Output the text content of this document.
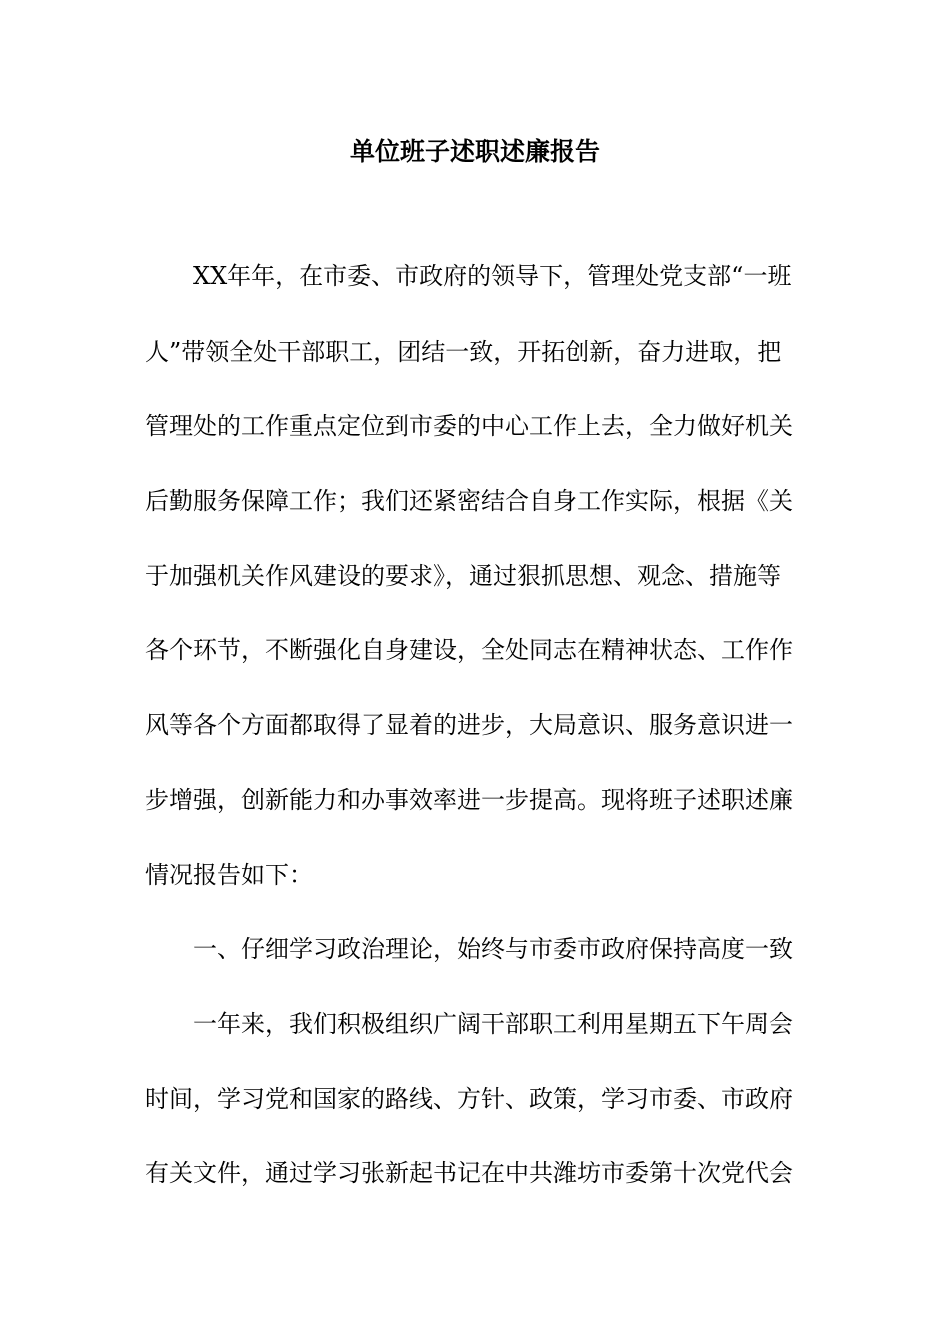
单位班子述职述廉报告

XX年年，在市委、市政府的领导下，管理处党支部“一班

人”带领全处干部职工，团结一致，开拓创新，奋力进取，把

管理处的工作重点定位到市委的中心工作上去，全力做好机关

后勤服务保障工作；我们还紧密结合自身工作实际，根据《关

于加强机关作风建设的要求》，通过狠抓思想、观念、措施等

各个环节，不断强化自身建设，全处同志在精神状态、工作作

风等各个方面都取得了显着的进步，大局意识、服务意识进一

步增强，创新能力和办事效率进一步提高。现将班子述职述廉

情况报告如下：

一、仔细学习政治理论，始终与市委市政府保持高度一致

一年来，我们积极组织广阔干部职工利用星期五下午周会

时间，学习党和国家的路线、方针、政策，学习市委、市政府

有关文件，通过学习张新起书记在中共潍坊市委第十次党代会
